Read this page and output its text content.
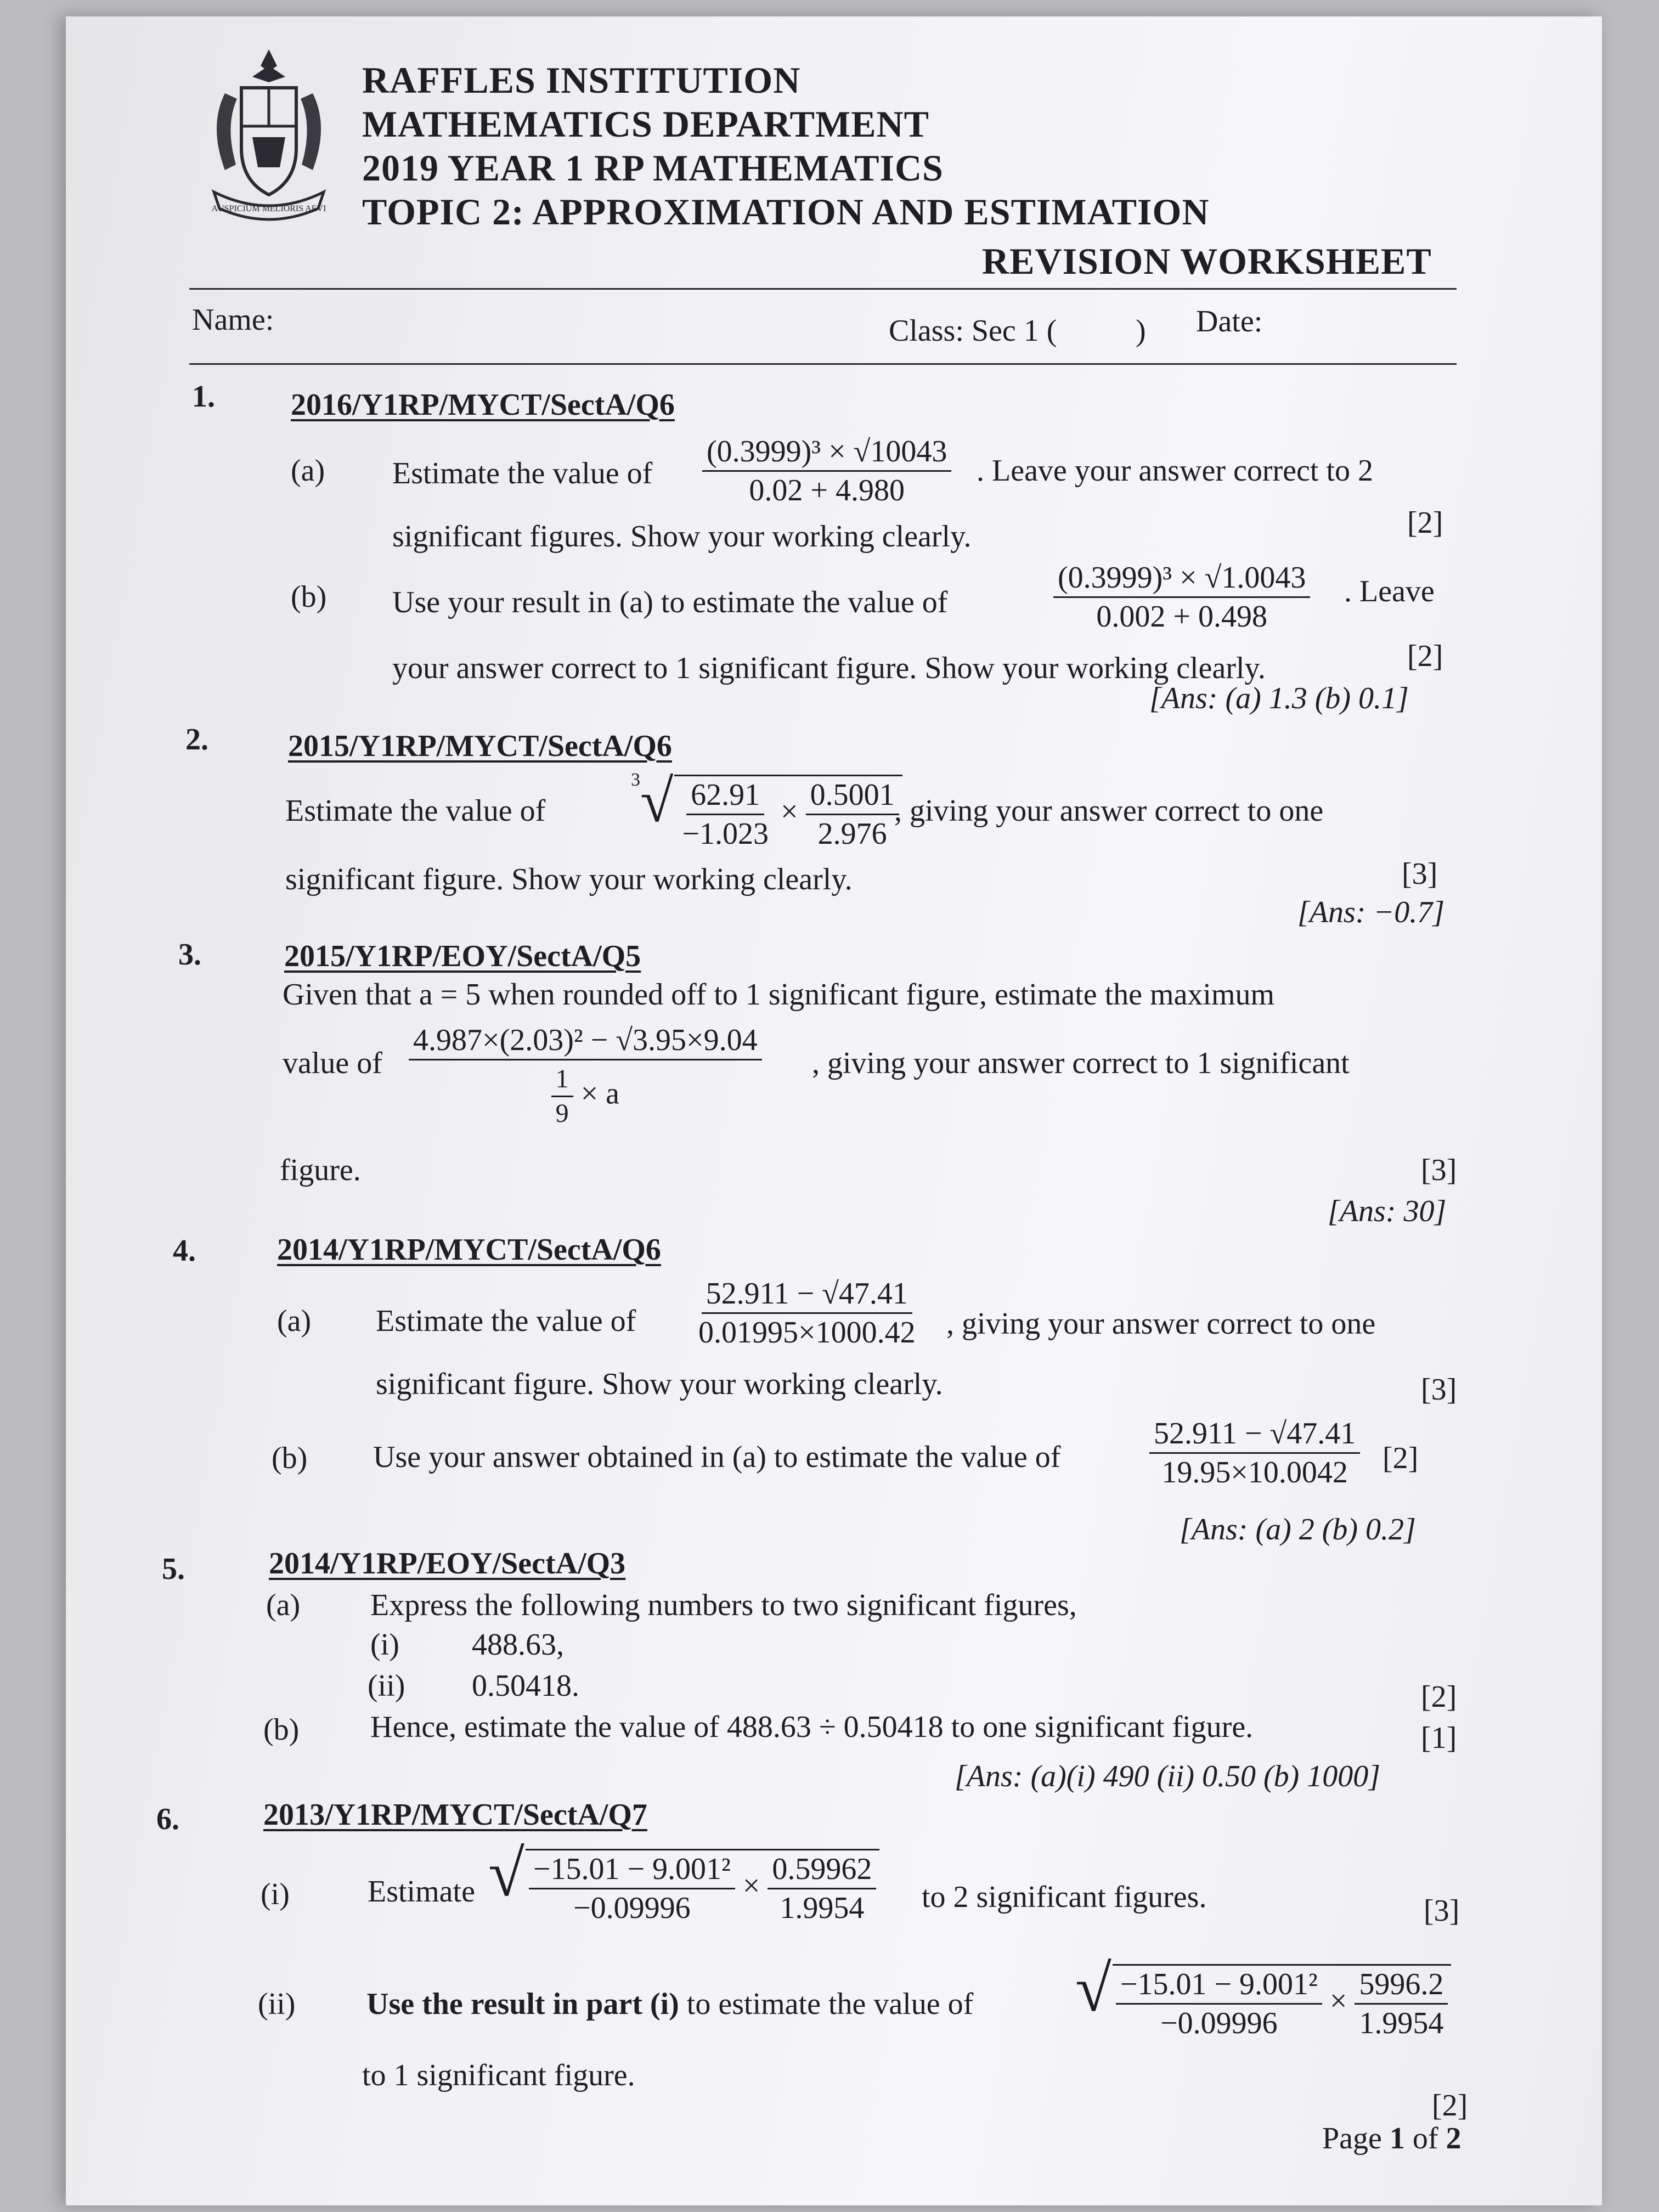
AUSPICIUM MELIORIS AEVI
RAFFLES INSTITUTION
MATHEMATICS DEPARTMENT
2019 YEAR 1 RP MATHEMATICS
TOPIC 2: APPROXIMATION AND ESTIMATION
REVISION WORKSHEET
Name:	Class: Sec 1 (	) Date:
1. 2016/Y1RP/MYCT/SectA/Q6
(a) Estimate the value of $\frac{\text{(0.3999)³ × √10043}}{0.02 + 4.980}$ . Leave your answer correct to 2
significant figures. Show your working clearly.	[2]
(b) Use your result in (a) to estimate the value of	$\frac{\text{(0.3999)³ × √1.0043}}{0.002 + 0.498}$ . Leave
your answer correct to 1 significant figure. Show your working clearly.	[2]
[Ans: (a) 1.3 (b) 0.1]
2.	2015/Y1RP/MYCT/SectA/Q6
Estimate the value of
$^3√ \frac{62.91}{-1.023} \times \frac{0.5001}{2.976}$
, giving your answer correct to one
significant figure. Show your working clearly.	[3]
[Ans: −0.7]
3.	2015/Y1RP/EOY/SectA/Q5
Given that a = 5 when rounded off to 1 significant figure, estimate the maximum
value of $\frac{\text{4.987×(2.03)² − √3.95×9.04}}{\frac{1}{9} \times a}$ , giving your answer correct to 1 significant
figure.	[3]
[Ans: 30]
4.	2014/Y1RP/MYCT/SectA/Q6
(a) Estimate the value of $\frac{52.911 - √47.41}{0.01995\times 1000.42}$ , giving your answer correct to one
significant figure. Show your working clearly.	[3]
(b) Use your answer obtained in (a) to estimate the value of	$\frac{52.911 - √47.41}{19.95\times 10.0042} [2]$
[Ans: (a) 2 (b) 0.2]
5.	2014/Y1RP/EOY/SectA/Q3
(a) Express the following numbers to two significant figures,
(i) 488.63,
(ii) 0.50418.	[2]
(b) Hence, estimate the value of 488.63 ÷ 0.50418 to one significant figure.	[1]
[Ans: (a)(i) 490 (ii) 0.50 (b) 1000]
6.	2013/Y1RP/MYCT/SectA/Q7
(i)	Estimate √ $\frac{\text{−15.01 − 9.001²}}{-0.09996} \times \frac{0.59962}{1.9954}$ to 2 significant figures.	[3]
(ii) Use the result in part (i) to estimate the value of √ $\frac{\text{−15.01 − 9.001²}}{-0.09996} \times \frac{5996.2}{1.9954}$
to 1 significant figure.
[2]
Page 1 of 2
